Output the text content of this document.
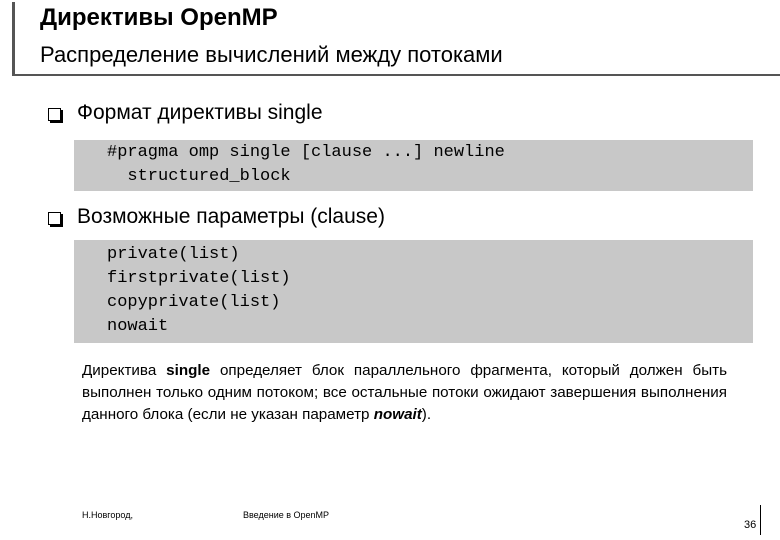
Директивы OpenMP
Распределение вычислений между потоками
Формат директивы single
#pragma omp single [clause ...] newline
structured_block
Возможные параметры (clause)
private(list)
firstprivate(list)
copyprivate(list)
nowait
Директива single определяет блок параллельного фрагмента, который должен быть выполнен только одним потоком; все остальные потоки ожидают завершения выполнения данного блока (если не указан параметр nowait).
Н.Новгород,	Введение в OpenMP
36
